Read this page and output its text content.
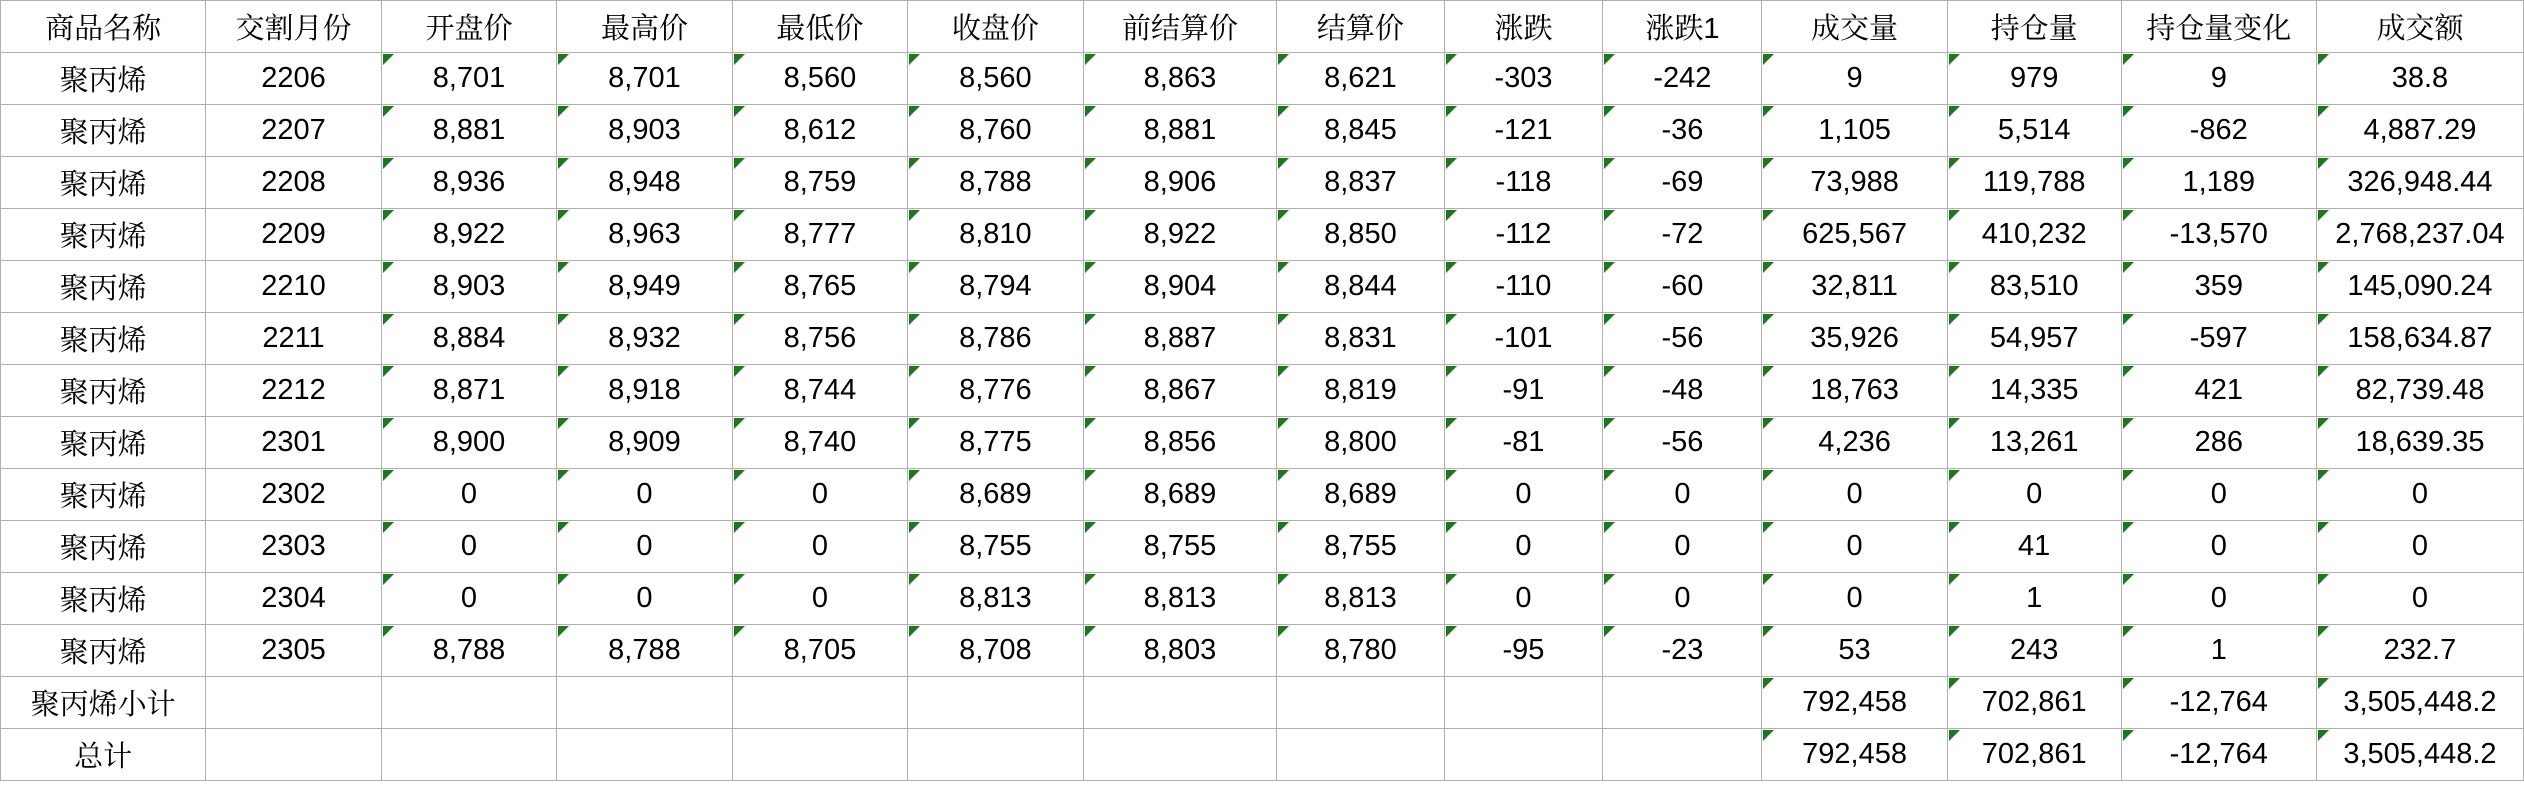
商品名称	交割月份	开盘价	最高价	最低价	收盘价	前结算价	结算价	涨跌	涨跌1	成交量	持仓量	持仓量变化	成交额
聚丙烯	2206	8,701	8,701	8,560	8,560	8,863	8,621	-303	-242	9	979	9	38.8
聚丙烯	2207	8,881	8,903	8,612	8,760	8,881	8,845	-121	-36	1,105	5,514	-862	4,887.29
聚丙烯	2208	8,936	8,948	8,759	8,788	8,906	8,837	-118	-69	73,988	119,788	1,189	326,948.44
聚丙烯	2209	8,922	8,963	8,777	8,810	8,922	8,850	-112	-72	625,567	410,232	-13,570	2,768,237.04
聚丙烯	2210	8,903	8,949	8,765	8,794	8,904	8,844	-110	-60	32,811	83,510	359	145,090.24
聚丙烯	2211	8,884	8,932	8,756	8,786	8,887	8,831	-101	-56	35,926	54,957	-597	158,634.87
聚丙烯	2212	8,871	8,918	8,744	8,776	8,867	8,819	-91	-48	18,763	14,335	421	82,739.48
聚丙烯	2301	8,900	8,909	8,740	8,775	8,856	8,800	-81	-56	4,236	13,261	286	18,639.35
聚丙烯	2302	0	0	0	8,689	8,689	8,689	0	0	0	0	0	0
聚丙烯	2303	0	0	0	8,755	8,755	8,755	0	0	0	41	0	0
聚丙烯	2304	0	0	0	8,813	8,813	8,813	0	0	0	1	0	0
聚丙烯	2305	8,788	8,788	8,705	8,708	8,803	8,780	-95	-23	53	243	1	232.7
聚丙烯小计										792,458	702,861	-12,764	3,505,448.2
总计										792,458	702,861	-12,764	3,505,448.2
